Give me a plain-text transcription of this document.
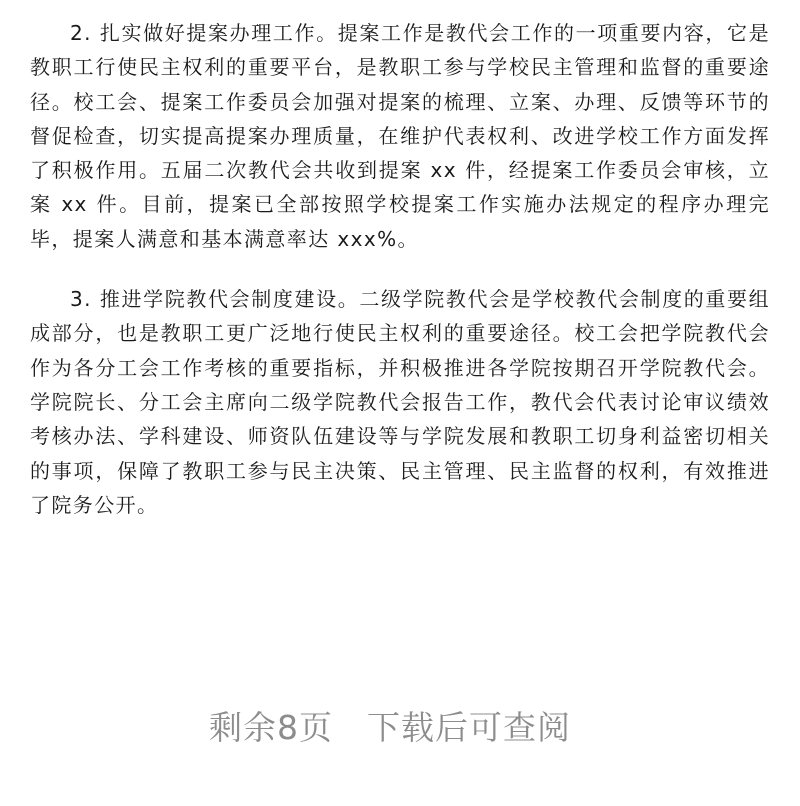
2. 扎实做好提案办理工作。提案工作是教代会工作的一项重要内容，它是教职工行使民主权利的重要平台，是教职工参与学校民主管理和监督的重要途径。校工会、提案工作委员会加强对提案的梳理、立案、办理、反馈等环节的督促检查，切实提高提案办理质量，在维护代表权利、改进学校工作方面发挥了积极作用。五届二次教代会共收到提案 xx 件，经提案工作委员会审核，立案 xx 件。目前，提案已全部按照学校提案工作实施办法规定的程序办理完毕，提案人满意和基本满意率达 xxx%。

3. 推进学院教代会制度建设。二级学院教代会是学校教代会制度的重要组成部分，也是教职工更广泛地行使民主权利的重要途径。校工会把学院教代会作为各分工会工作考核的重要指标，并积极推进各学院按期召开学院教代会。学院院长、分工会主席向二级学院教代会报告工作，教代会代表讨论审议绩效考核办法、学科建设、师资队伍建设等与学院发展和教职工切身利益密切相关的事项，保障了教职工参与民主决策、民主管理、民主监督的权利，有效推进了院务公开。

剩余8页　下载后可查阅
